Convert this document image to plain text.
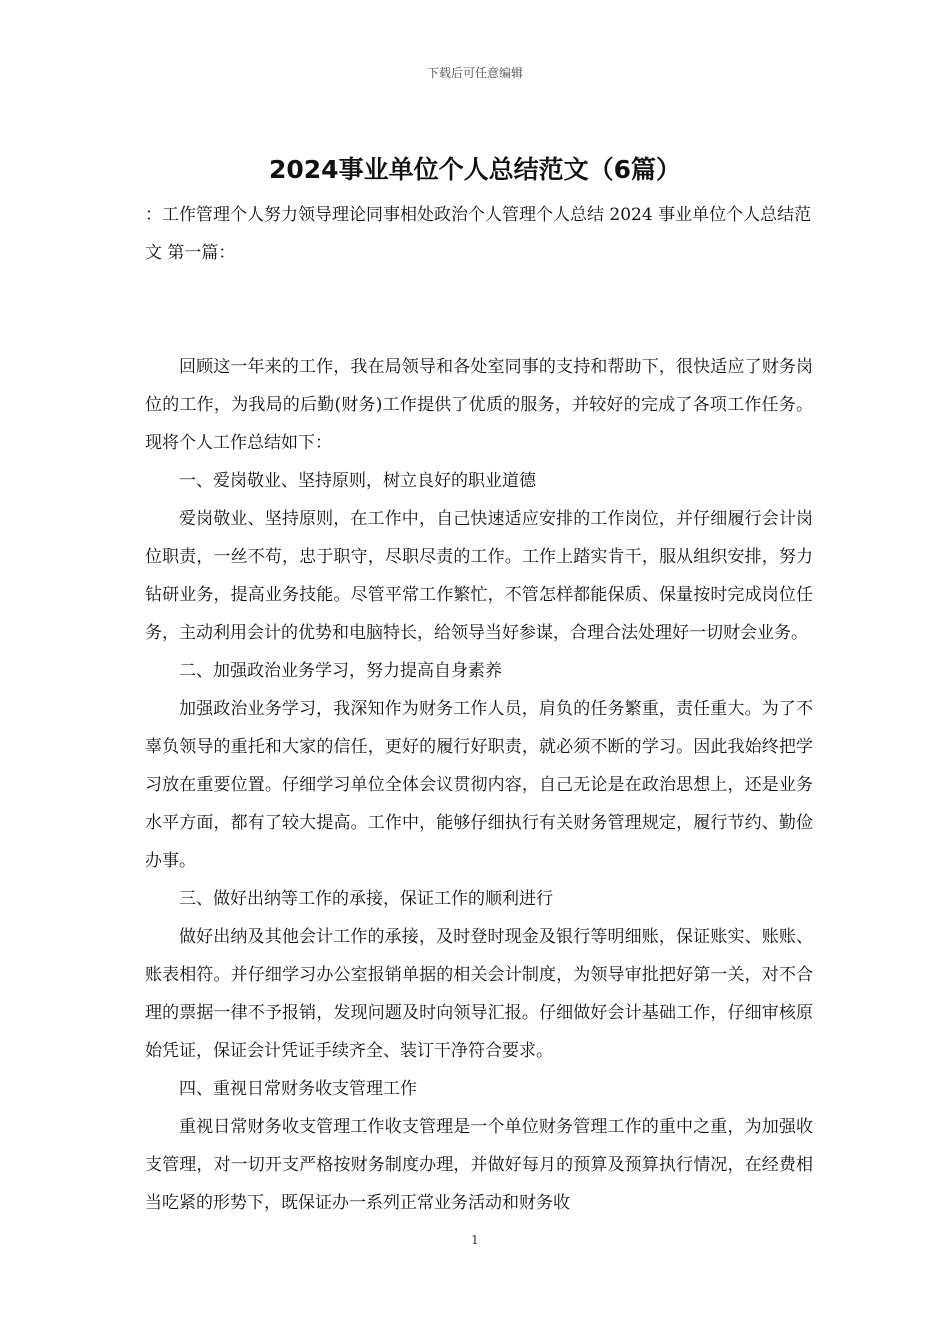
下载后可任意编辑
2024事业单位个人总结范文（6篇）

：工作管理个人努力领导理论同事相处政治个人管理个人总结 2024 事业单位个人总结范文 第一篇：

回顾这一年来的工作，我在局领导和各处室同事的支持和帮助下，很快适应了财务岗位的工作，为我局的后勤(财务)工作提供了优质的服务，并较好的完成了各项工作任务。现将个人工作总结如下：

一、爱岗敬业、坚持原则，树立良好的职业道德

爱岗敬业、坚持原则，在工作中，自己快速适应安排的工作岗位，并仔细履行会计岗位职责，一丝不苟，忠于职守，尽职尽责的工作。工作上踏实肯干，服从组织安排，努力钻研业务，提高业务技能。尽管平常工作繁忙，不管怎样都能保质、保量按时完成岗位任务，主动利用会计的优势和电脑特长，给领导当好参谋，合理合法处理好一切财会业务。

二、加强政治业务学习，努力提高自身素养

加强政治业务学习，我深知作为财务工作人员，肩负的任务繁重，责任重大。为了不辜负领导的重托和大家的信任，更好的履行好职责，就必须不断的学习。因此我始终把学习放在重要位置。仔细学习单位全体会议贯彻内容，自己无论是在政治思想上，还是业务水平方面，都有了较大提高。工作中，能够仔细执行有关财务管理规定，履行节约、勤俭办事。

三、做好出纳等工作的承接，保证工作的顺利进行

做好出纳及其他会计工作的承接，及时登时现金及银行等明细账，保证账实、账账、账表相符。并仔细学习办公室报销单据的相关会计制度，为领导审批把好第一关，对不合理的票据一律不予报销，发现问题及时向领导汇报。仔细做好会计基础工作，仔细审核原始凭证，保证会计凭证手续齐全、装订干净符合要求。

四、重视日常财务收支管理工作

重视日常财务收支管理工作收支管理是一个单位财务管理工作的重中之重，为加强收支管理，对一切开支严格按财务制度办理，并做好每月的预算及预算执行情况，在经费相当吃紧的形势下，既保证办一系列正常业务活动和财务收

1
